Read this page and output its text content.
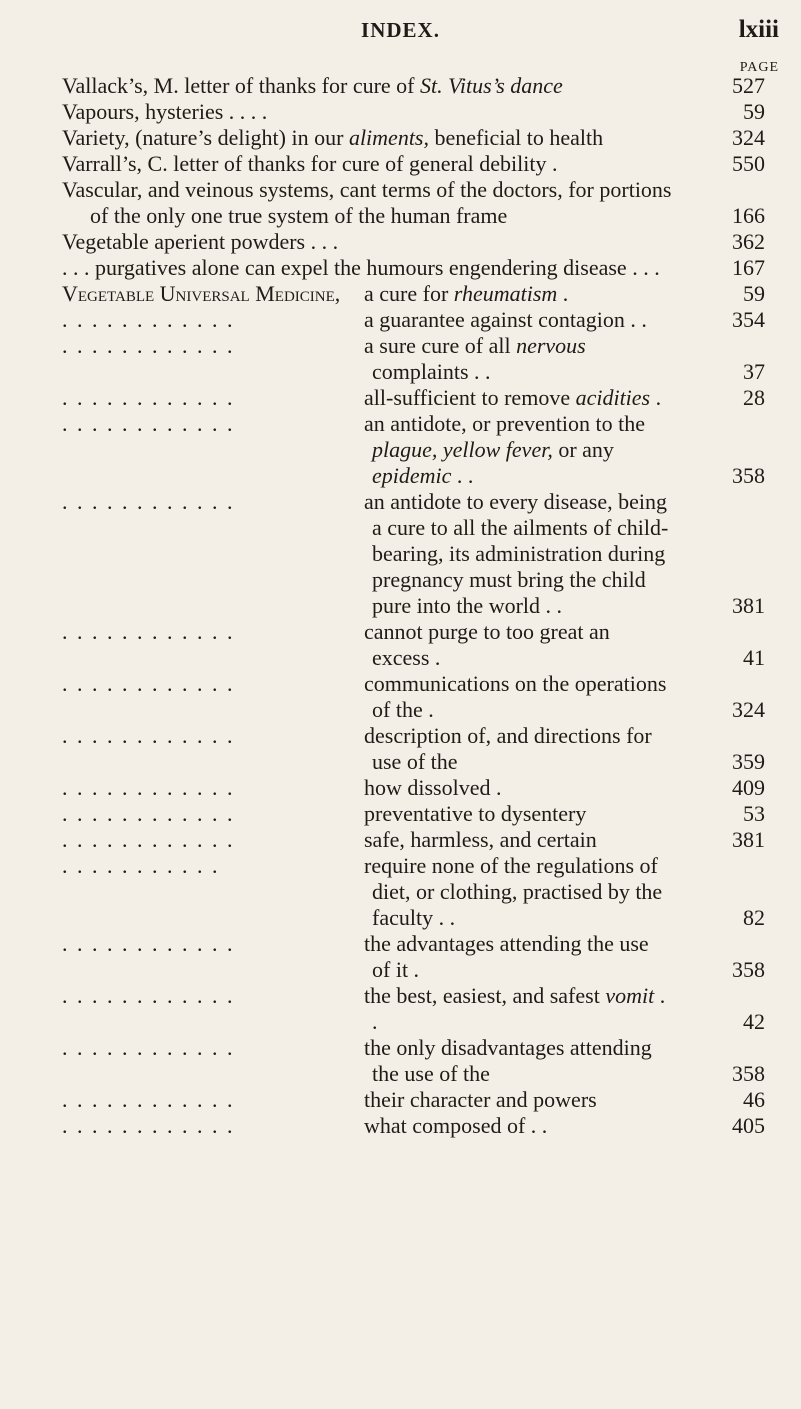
INDEX.	lxiii
PAGE
Vallack’s, M. letter of thanks for cure of St. Vitus’s dance	527
Vapours, hysteries . . . .	59
Variety, (nature’s delight) in our aliments, beneficial to health	324
Varrall’s, C. letter of thanks for cure of general debility .	550
Vascular, and veinous systems, cant terms of the doctors, for portions of the only one true system of the human frame	166
Vegetable aperient powders . . .	362
. . . purgatives alone can expel the humours engendering disease . . .	167
Vegetable Universal Medicine, a cure for rheumatism .	59
. . . . . . . . . . . .	a guarantee against contagion . .	354
. . . . . . . . . . . .	a sure cure of all nervous complaints . .	37
. . . . . . . . . . . .	all-sufficient to remove acidities .	28
. . . . . . . . . . . .	an antidote, or prevention to the plague, yellow fever, or any epidemic . .	358
. . . . . . . . . . . .	an antidote to every disease, being a cure to all the ailments of child-bearing, its administration during pregnancy must bring the child pure into the world . .	381
. . . . . . . . . . . .	cannot purge to too great an excess .	41
. . . . . . . . . . . .	communications on the operations of the .	324
. . . . . . . . . . . .	description of, and directions for use of the	359
. . . . . . . . . . . .	how dissolved .	409
. . . . . . . . . . . .	preventative to dysentery	53
. . . . . . . . . . . .	safe, harmless, and certain	381
. . . . . . . . . . .	require none of the regulations of diet, or clothing, practised by the faculty . .	82
. . . . . . . . . . . .	the advantages attending the use of it .	358
. . . . . . . . . . . .	the best, easiest, and safest vomit . .	42
. . . . . . . . . . . .	the only disadvantages attending the use of the	358
. . . . . . . . . . . .	their character and powers	46
. . . . . . . . . . . .	what composed of . .	405
